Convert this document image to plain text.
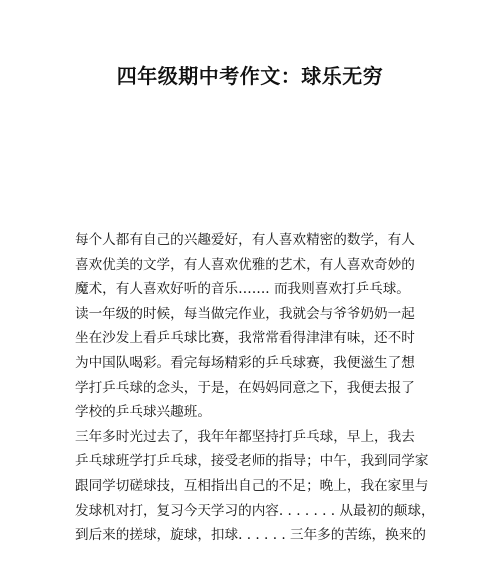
四年级期中考作文：球乐无穷

每个人都有自己的兴趣爱好，有人喜欢精密的数学，有人
喜欢优美的文学，有人喜欢优雅的艺术，有人喜欢奇妙的
魔术，有人喜欢好听的音乐……. 而我则喜欢打乒乓球。

读一年级的时候，每当做完作业，我就会与爷爷奶奶一起
坐在沙发上看乒乓球比赛，我常常看得津津有味，还不时
为中国队喝彩。看完每场精彩的乒乓球赛，我便滋生了想
学打乒乓球的念头，于是，在妈妈同意之下，我便去报了
学校的乒乓球兴趣班。

三年多时光过去了，我年年都坚持打乒乓球，早上，我去
乒乓球班学打乒乓球，接受老师的指导；中午，我到同学家
跟同学切磋球技，互相指出自己的不足；晚上，我在家里与
发球机对打，复习今天学习的内容. . . . . . . 从最初的颠球，
到后来的搓球，旋球，扣球. . . . . . 三年多的苦练，换来的
